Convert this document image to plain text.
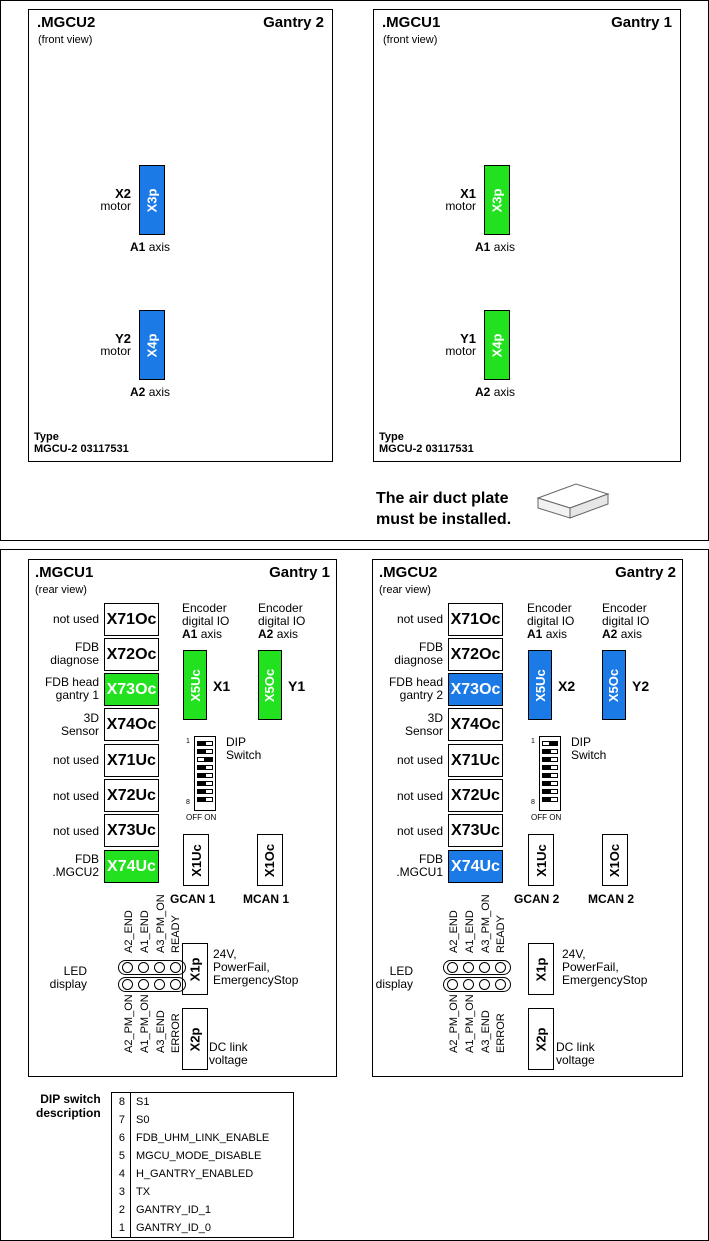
.MGCU2
(front view)
Gantry 2
X2
motor X3p
A1 axis
Y2
motor X4p
A2 axis
Type
MGCU-2 03117531
.MGCU1
(front view)
Gantry 1
X1
motor X3p
A1 axis
Y1
motor X4p
A2 axis
Type
MGCU-2 03117531
The air duct plate
must be installed.
.MGCU1
(rear view)
Gantry 1
X71Oc
X72Oc
X73Oc
X74Oc
X71Uc
X72Uc
X73Uc
X74Uc
not used
FDB
diagnose
FDB head
gantry 1
3D
Sensor
not used
not used
not used
FDB
.MGCU2
Encoder
digital IO
A1 axis
Encoder
digital IO
A2 axis
X5Uc X1 X5Oc Y1
1
8
OFF ON
DIP
Switch
X1Uc
GCAN 1
X1Oc
MCAN 1
A2_END A1_END A3_PM_ON READY
LED
display
A2_PM_ON A1_PM_ON A3_END ERROR
X1p
24V,
PowerFail,
EmergencyStop
X2p DC link
voltage
.MGCU2
(rear view)
Gantry 2
X71Oc
X72Oc
X73Oc
X74Oc
X71Uc
X72Uc
X73Uc
X74Uc
not used
FDB
diagnose
FDB head
gantry 2
3D
Sensor
not used
not used
not used
FDB
.MGCU1
Encoder
digital IO
A1 axis
Encoder
digital IO
A2 axis
X5Uc X2 X5Oc Y2
1
8
OFF ON
DIP
Switch
X1Uc
GCAN 2
X1Oc
MCAN 2
A2_END A1_END A3_PM_ON READY
LED
display
A2_PM_ON A1_PM_ON A3_END ERROR
X1p
24V,
PowerFail,
EmergencyStop
X2p DC link
voltage
DIP switch
description
8	S1
7	S0
6	FDB_UHM_LINK_ENABLE
5	MGCU_MODE_DISABLE
4	H_GANTRY_ENABLED
3	TX
2	GANTRY_ID_1
1	GANTRY_ID_0
